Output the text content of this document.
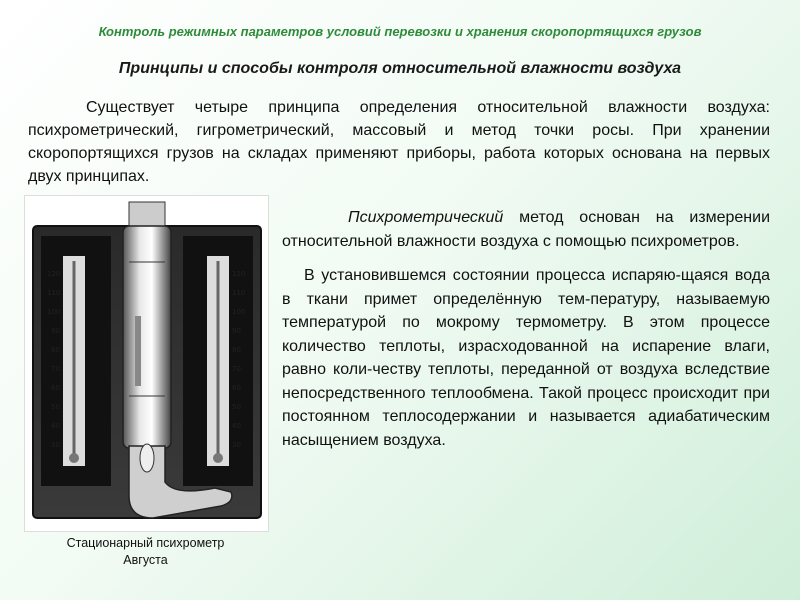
Контроль режимных параметров условий перевозки и хранения скоропортящихся грузов
Принципы и способы контроля относительной влажности воздуха

Существует четыре принципа определения относительной влажности воздуха: психрометрический, гигрометрический, массовый и метод точки росы. При хранении скоропортящихся грузов на складах применяют приборы, работа которых основана на первых двух принципах.

120
110
100
90
80
70
60
50
40
30
120
110
100
90
80
70
60
50
40
30
Стационарный психрометр
Августа

Психрометрический метод основан на измерении относительной влажности воздуха с помощью психрометров.

В установившемся состоянии процесса испаряю-щаяся вода в ткани примет определённую тем-пературу, называемую температурой по мокрому термометру. В этом процессе количество теплоты, израсходованной на испарение влаги, равно коли-честву теплоты, переданной от воздуха вследствие непосредственного теплообмена. Такой процесс происходит при постоянном теплосодержании и называется адиабатическим насыщением воздуха.
